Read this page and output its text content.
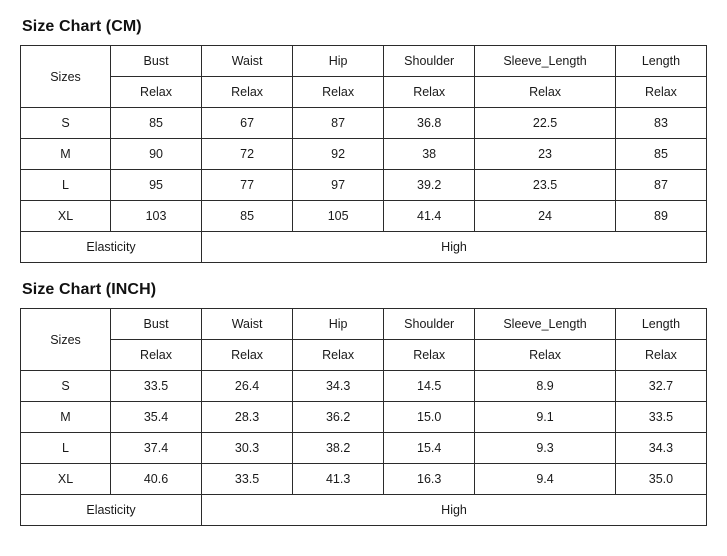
Size Chart (CM)
Sizes	Bust	Waist	Hip	Shoulder	Sleeve_Length	Length
	Relax	Relax	Relax	Relax	Relax	Relax
S	85	67	87	36.8	22.5	83
M	90	72	92	38	23	85
L	95	77	97	39.2	23.5	87
XL	103	85	105	41.4	24	89
Elasticity		High				
Size Chart (INCH)
Sizes	Bust	Waist	Hip	Shoulder	Sleeve_Length	Length
	Relax	Relax	Relax	Relax	Relax	Relax
S	33.5	26.4	34.3	14.5	8.9	32.7
M	35.4	28.3	36.2	15.0	9.1	33.5
L	37.4	30.3	38.2	15.4	9.3	34.3
XL	40.6	33.5	41.3	16.3	9.4	35.0
Elasticity		High				
